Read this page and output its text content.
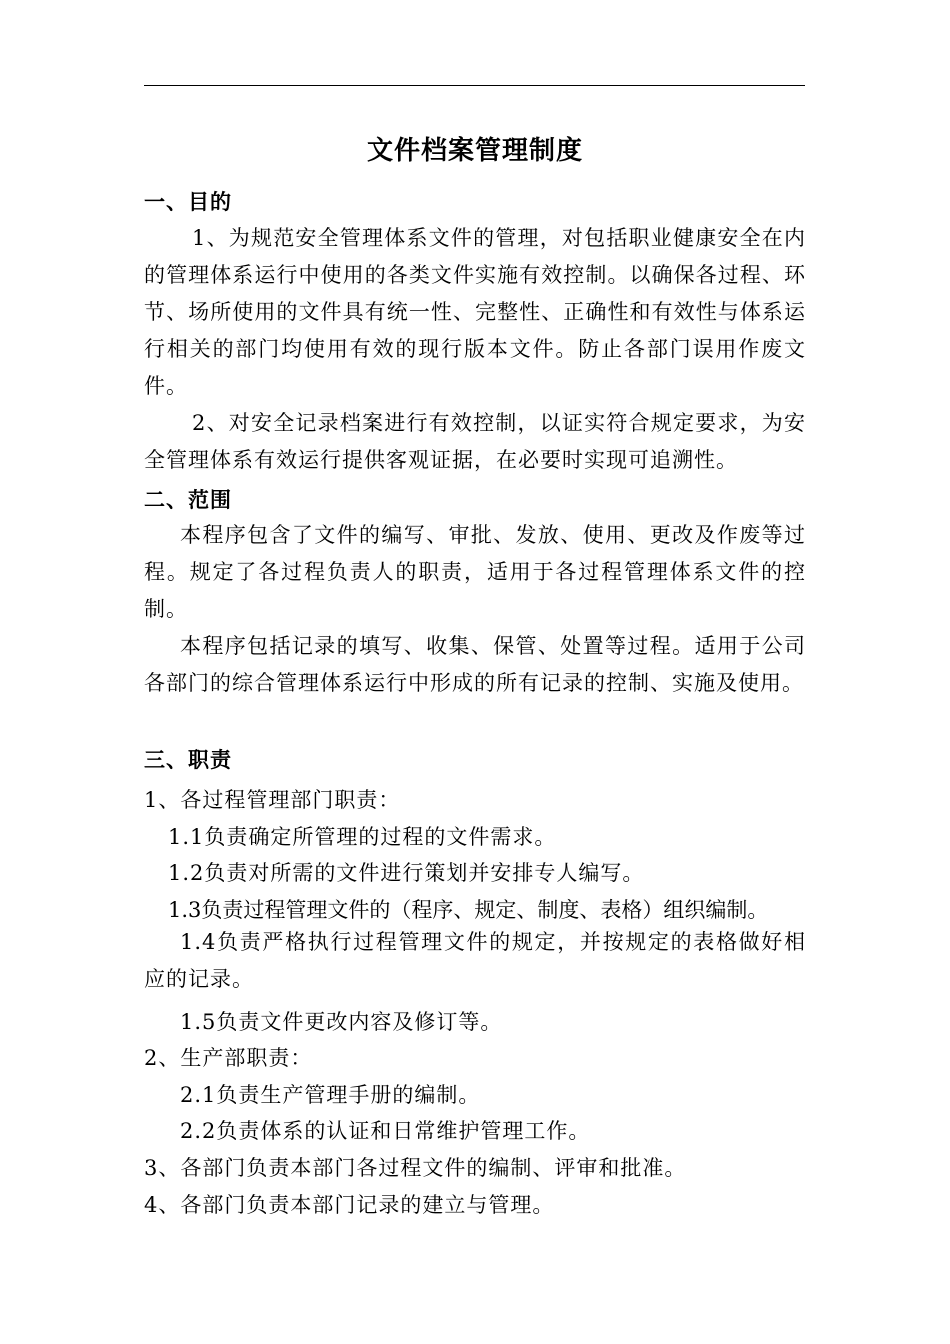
文件档案管理制度
一、目的
1、为规范安全管理体系文件的管理，对包括职业健康安全在内的管理体系运行中使用的各类文件实施有效控制。以确保各过程、环节、场所使用的文件具有统一性、完整性、正确性和有效性与体系运行相关的部门均使用有效的现行版本文件。防止各部门误用作废文件。
2、对安全记录档案进行有效控制，以证实符合规定要求，为安全管理体系有效运行提供客观证据，在必要时实现可追溯性。
二、范围
本程序包含了文件的编写、审批、发放、使用、更改及作废等过程。规定了各过程负责人的职责，适用于各过程管理体系文件的控制。
本程序包括记录的填写、收集、保管、处置等过程。适用于公司各部门的综合管理体系运行中形成的所有记录的控制、实施及使用。
三、职责
1、各过程管理部门职责：
1.1负责确定所管理的过程的文件需求。
1.2负责对所需的文件进行策划并安排专人编写。
1.3负责过程管理文件的（程序、规定、制度、表格）组织编制。
1.4负责严格执行过程管理文件的规定，并按规定的表格做好相应的记录。
1.5负责文件更改内容及修订等。
2、生产部职责：
2.1负责生产管理手册的编制。
2.2负责体系的认证和日常维护管理工作。
3、各部门负责本部门各过程文件的编制、评审和批准。
4、各部门负责本部门记录的建立与管理。
